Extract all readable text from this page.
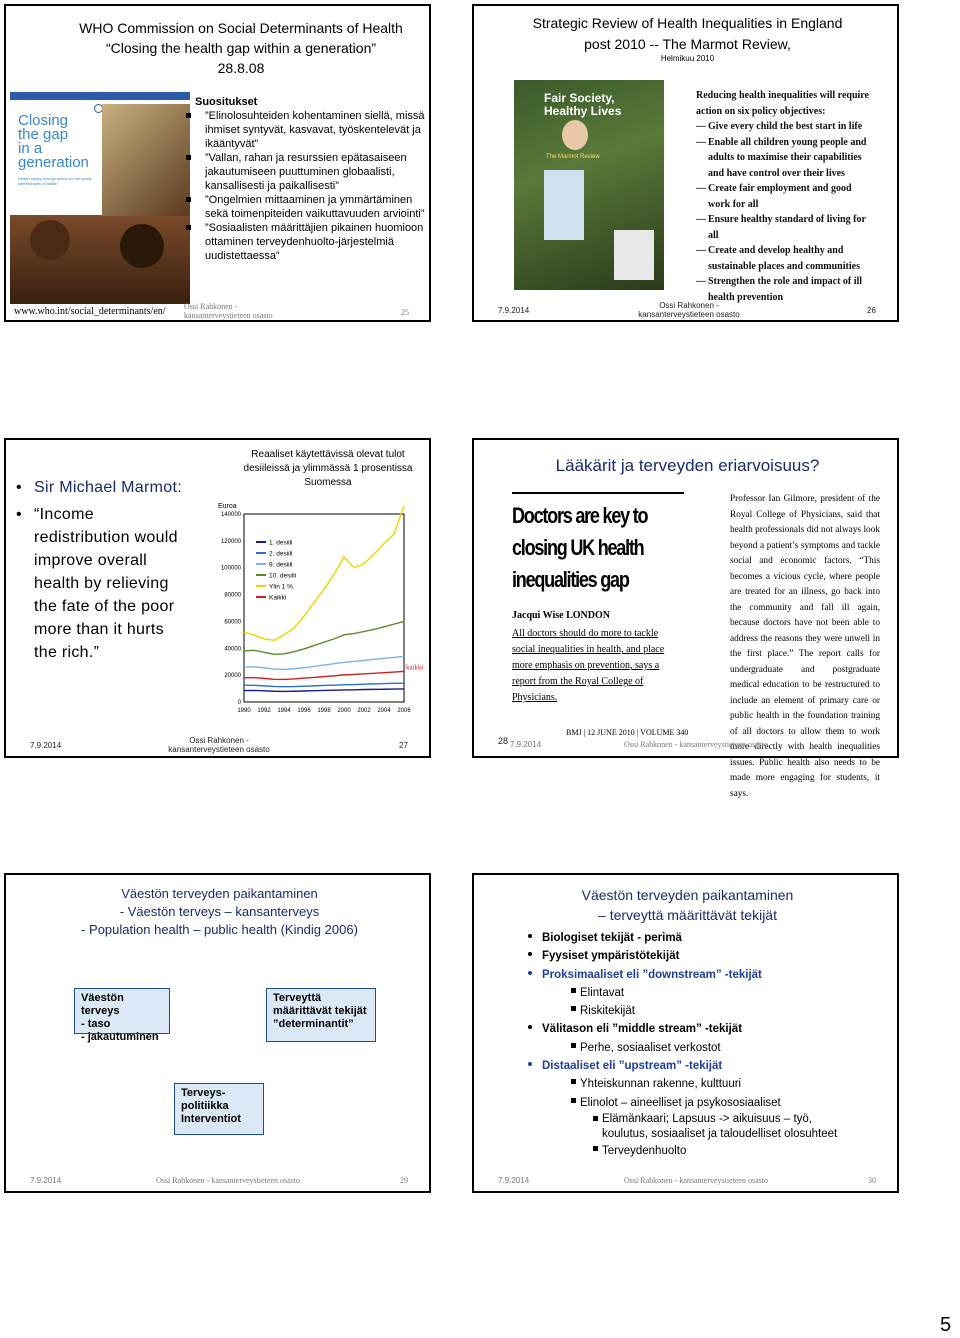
WHO Commission on Social Determinants of Health
“Closing the health gap within a generation”
28.8.08
Closing
the gap
in a
generation
Health equity through action on the social determinants of health
www.who.int/social_determinants/en/
Suositukset
”Elinolosuhteiden kohentaminen siellä, missä ihmiset syntyvät, kasvavat, työskentelevät ja ikääntyvät”
”Vallan, rahan ja resurssien epätasaiseen jakautumiseen puuttuminen globaalisti, kansallisesti ja paikallisesti”
”Ongelmien mittaaminen ja ymmärtäminen sekä toimenpiteiden vaikuttavuuden arviointi”
”Sosiaalisten määrittäjien pikainen huomioon ottaminen terveydenhuolto-järjestelmiä uudistettaessa”
Ossi Rahkonen - kansanterveystieteen osasto	25
Strategic Review of Health Inequalities in England
post 2010 -- The Marmot Review,
Helmikuu 2010
Fair Society, Healthy Lives
The Marmot Review
Reducing health inequalities will require action on six policy objectives:
— Give every child the best start in life
— Enable all children young people and adults to maximise their capabilities and have control over their lives
— Create fair employment and good work for all
— Ensure healthy standard of living for all
— Create and develop healthy and sustainable places and communities
— Strengthen the role and impact of ill health prevention
7.9.2014
Ossi Rahkonen - kansanterveystieteen osasto	26
• Sir Michael Marmot:
• “Income redistribution would improve overall health by relieving the fate of the poor more than it hurts the rich.”
Reaaliset käytettävissä olevat tulot
desiileissä ja ylimmässä 1 prosentissa
Suomessa
Euroa
0
20000
40000
60000
80000
100000
120000
140000
1990 1992 1994 1996 1998 2000 2002 2004 2006
1. desiili
2. desiili
9. desiili
10. desiili
Ylin 1 %
Kaikki
kaikki
7.9.2014
Ossi Rahkonen - kansanterveystieteen osasto	27
Lääkärit ja terveyden eriarvoisuus?
Doctors are key to
closing UK health
inequalities gap
Jacqui Wise LONDON
All doctors should do more to tackle social inequalities in health, and place more emphasis on prevention, says a report from the Royal College of Physicians.
Professor Ian Gilmore, president of the Royal College of Physicians, said that health professionals did not always look beyond a patient’s symptoms and tackle social and economic factors. “This becomes a vicious cycle, where people are treated for an illness, go back into the community and fall ill again, because doctors have not been able to address the reasons they were unwell in the first place.” The report calls for undergraduate and postgraduate medical education to be restructured to include an element of primary care or public health in the foundation training of all doctors to allow them to work more directly with health inequalities issues. Public health also needs to be made more engaging for students, it says.
BMJ | 12 JUNE 2010 | VOLUME 340
28 7.9.2014	Ossi Rahkonen - kansanterveystieteen osasto
Väestön terveyden paikantaminen
- Väestön terveys – kansanterveys
- Population health – public health (Kindig 2006)
Väestön terveys
- taso
- jakautuminen
Terveyttä
määrittävät tekijät
”determinantit”
Terveys-
politiikka
Interventiot
7.9.2014	Ossi Rahkonen - kansanterveystieteen osasto	29
Väestön terveyden paikantaminen
– terveyttä määrittävät tekijät
Biologiset tekijät - perimä
Fyysiset ympäristötekijät
Proksimaaliset eli ”downstream” -tekijät
Elintavat
Riskitekijät
Välitason eli ”middle stream” -tekijät
Perhe, sosiaaliset verkostot
Distaaliset eli ”upstream” -tekijät
Yhteiskunnan rakenne, kulttuuri
Elinolot – aineelliset ja psykososiaaliset
Elämänkaari; Lapsuus -> aikuisuus – työ, koulutus, sosiaaliset ja taloudelliset olosuhteet
Terveydenhuolto
7.9.2014	Ossi Rahkonen - kansanterveystieteen osasto	30
5
